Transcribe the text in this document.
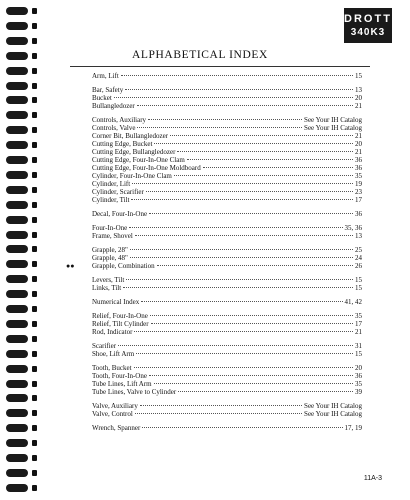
DROTT
340K3
ALPHABETICAL INDEX
Arm, Lift	15
Bar, Safety	13
Bucket	20
Bullangledozer	21
Controls, Auxiliary	See Your IH Catalog
Controls, Valve	See Your IH Catalog
Corner Bit, Bullangledozer	21
Cutting Edge, Bucket	20
Cutting Edge, Bullangledozer	21
Cutting Edge, Four-In-One Clam	36
Cutting Edge, Four-In-One Moldboard	36
Cylinder, Four-In-One Clam	35
Cylinder, Lift	19
Cylinder, Scarifier	23
Cylinder, Tilt	17
Decal, Four-In-One	36
Four-In-One	35, 36
Frame, Shovel	13
Grapple, 28"	25
Grapple, 48"	24
●●	Grapple, Combination	26
Levers, Tilt	15
Links, Tilt	15
Numerical Index	41, 42
Relief, Four-In-One	35
Relief, Tilt Cylinder	17
Rod, Indicator	21
Scarifier	31
Shoe, Lift Arm	15
Tooth, Bucket	20
Tooth, Four-In-One	36
Tube Lines, Lift Arm	35
Tube Lines, Valve to Cylinder	39
Valve, Auxiliary	See Your IH Catalog
Valve, Control	See Your IH Catalog
Wrench, Spanner	17, 19
11A-3
